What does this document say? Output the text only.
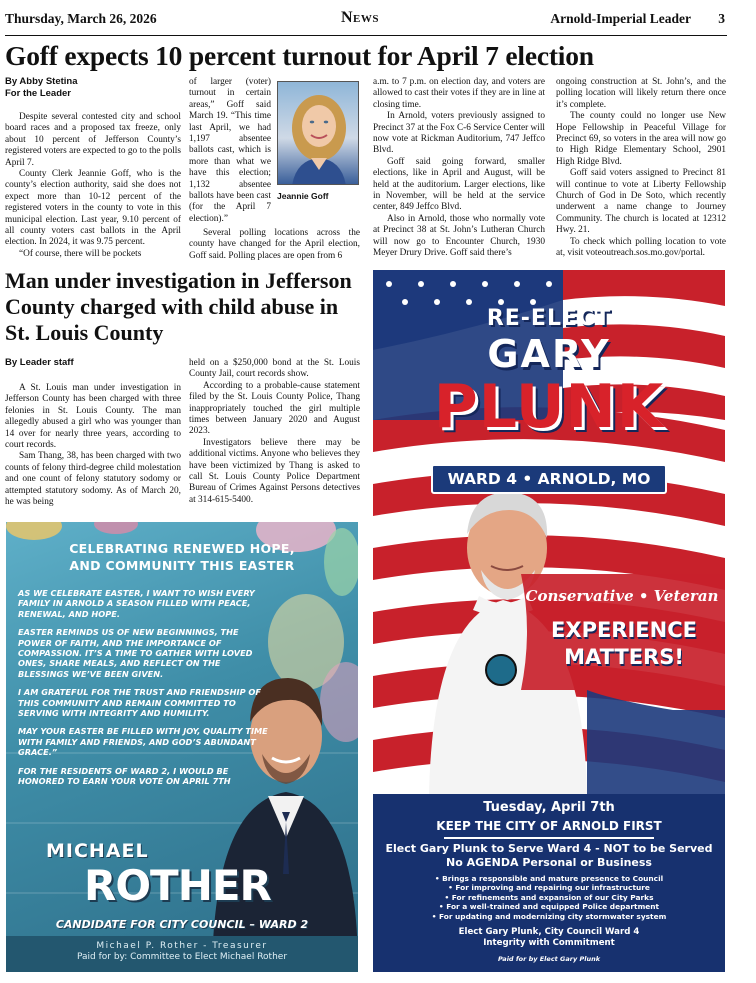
Thursday, March 26, 2026	News	Arnold-Imperial Leader 3
Goff expects 10 percent turnout for April 7 election
By Abby Stetina
For the Leader

Despite several contested city and school board races and a proposed tax freeze, only about 10 percent of Jefferson County’s registered voters are expected to go to the polls April 7.

County Clerk Jeannie Goff, who is the county’s election authority, said she does not expect more than 10-12 percent of the registered voters in the county to vote in this municipal election. Last year, 9.10 percent of all county voters cast ballots in the April election. In 2024, it was 9.75 percent.

“Of course, there will be pockets

of larger (voter) turnout in certain areas,” Goff said March 19. “This time last April, we had 1,197 absentee ballots cast, which is more than what we have this election; 1,132 absentee ballots have been cast (for the April 7 election).”

Jeannie Goff

Several polling locations across the county have changed for the April election, Goff said. Polling places are open from 6

a.m. to 7 p.m. on election day, and voters are allowed to cast their votes if they are in line at closing time.

In Arnold, voters previously assigned to Precinct 37 at the Fox C-6 Service Center will now vote at Rickman Auditorium, 747 Jeffco Blvd.

Goff said going forward, smaller elections, like in April and August, will be held at the auditorium. Larger elections, like in November, will be held at the service center, 849 Jeffco Blvd.

Also in Arnold, those who normally vote at Precinct 38 at St. John’s Lutheran Church will now go to Encounter Church, 1930 Meyer Drury Drive. Goff said there’s

ongoing construction at St. John’s, and the polling location will likely return there once it’s complete.

The county could no longer use New Hope Fellowship in Peaceful Village for Precinct 69, so voters in the area will now go to High Ridge Elementary School, 2901 High Ridge Blvd.

Goff said voters assigned to Precinct 81 will continue to vote at Liberty Fellowship Church of God in De Soto, which recently underwent a name change to Journey Community. The church is located at 12312 Hwy. 21.

To check which polling location to vote at, visit voteoutreach.sos.mo.gov/portal.

Man under investigation in Jefferson County charged with child abuse in St. Louis County
By Leader staff

A St. Louis man under investigation in Jefferson County has been charged with three felonies in St. Louis County. The man allegedly abused a girl who was younger than 14 over for nearly three years, according to court records.

Sam Thang, 38, has been charged with two counts of felony third-degree child molestation and one count of felony statutory sodomy or attempted statutory sodomy. As of March 20, he was being

held on a $250,000 bond at the St. Louis County Jail, court records show.

According to a probable-cause statement filed by the St. Louis County Police, Thang inappropriately touched the girl multiple times between January 2020 and August 2023.

Investigators believe there may be additional victims. Anyone who believes they have been victimized by Thang is asked to call St. Louis County Police Department Bureau of Crimes Against Persons detectives at 314-615-5400.

CELEBRATING RENEWED HOPE,
AND COMMUNITY THIS EASTER

AS WE CELEBRATE EASTER, I WANT TO WISH EVERY FAMILY IN ARNOLD A SEASON FILLED WITH PEACE, RENEWAL, AND HOPE.

EASTER REMINDS US OF NEW BEGINNINGS, THE POWER OF FAITH, AND THE IMPORTANCE OF COMPASSION. IT’S A TIME TO GATHER WITH LOVED ONES, SHARE MEALS, AND REFLECT ON THE BLESSINGS WE’VE BEEN GIVEN.

I AM GRATEFUL FOR THE TRUST AND FRIENDSHIP OF THIS COMMUNITY AND REMAIN COMMITTED TO SERVING WITH INTEGRITY AND HUMILITY.

MAY YOUR EASTER BE FILLED WITH JOY, QUALITY TIME WITH FAMILY AND FRIENDS, AND GOD’S ABUNDANT GRACE.”

FOR THE RESIDENTS OF WARD 2, I WOULD BE HONORED TO EARN YOUR VOTE ON APRIL 7TH

MICHAEL
ROTHER
CANDIDATE FOR CITY COUNCIL – WARD 2
Michael P. Rother - Treasurer
Paid for by: Committee to Elect Michael Rother
RE-ELECT
GARY
PLUNK
WARD 4 • ARNOLD, MO
Conservative • Veteran
EXPERIENCE
MATTERS!
Tuesday, April 7th
KEEP THE CITY OF ARNOLD FIRST
Elect Gary Plunk to Serve Ward 4 - NOT to be Served
No AGENDA Personal or Business
• Brings a responsible and mature presence to Council
• For improving and repairing our infrastructure
• For refinements and expansion of our City Parks
• For a well-trained and equipped Police department
• For updating and modernizing city stormwater system
Elect Gary Plunk, City Council Ward 4
Integrity with Commitment
Paid for by Elect Gary Plunk
